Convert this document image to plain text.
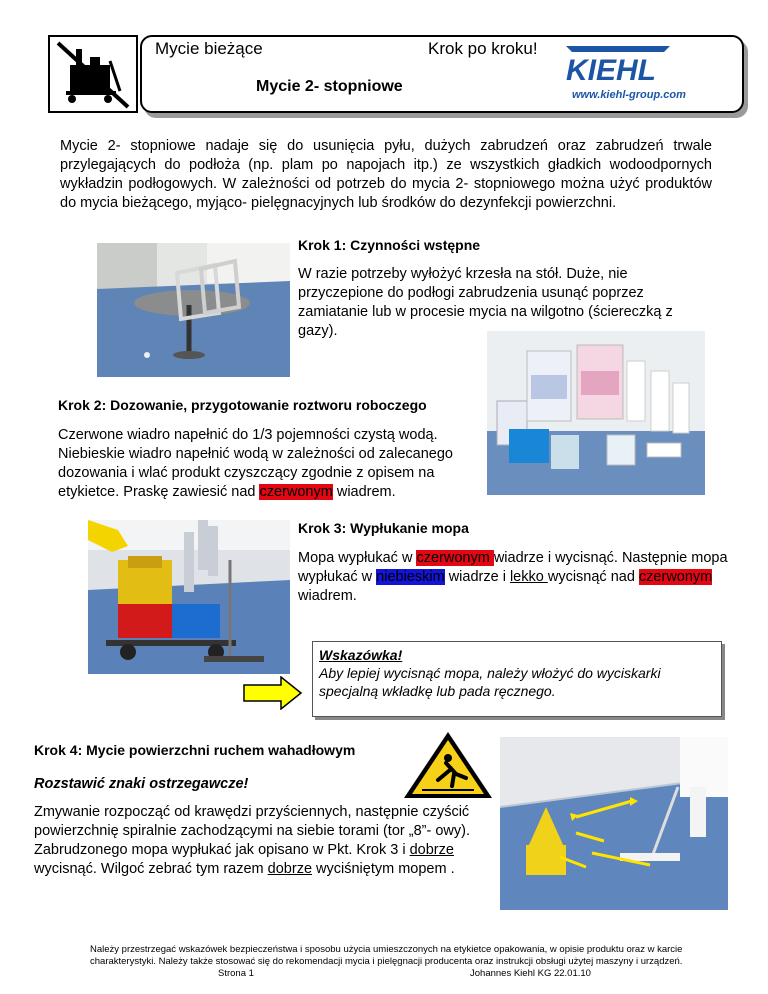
Mycie bieżące	Krok po kroku!
Mycie 2- stopniowe	KIEHL
www.kiehl-group.com
Mycie 2- stopniowe nadaje się do usunięcia pyłu, dużych zabrudzeń oraz zabrudzeń trwale przylegających do podłoża (np. plam po napojach itp.) ze wszystkich gładkich wodoodpornych wykładzin podłogowych. W zależności od potrzeb do mycia 2- stopniowego można użyć produktów do mycia bieżącego, myjąco- pielęgnacyjnych lub środków do dezynfekcji powierzchni.
Krok 1: Czynności wstępne
W razie potrzeby wyłożyć krzesła na stół. Duże, nie przyczepione do podłogi zabrudzenia usunąć poprzez zamiatanie lub w procesie mycia na wilgotno (ściereczką z gazy).
Krok 2: Dozowanie, przygotowanie roztworu roboczego
Czerwone wiadro napełnić do 1/3 pojemności czystą wodą. Niebieskie wiadro napełnić wodą w zależności od zalecanego dozowania i wlać produkt czyszczący zgodnie z opisem na etykietce. Praskę zawiesić nad czerwonym wiadrem.
Krok 3: Wypłukanie mopa
Mopa wypłukać w czerwonym wiadrze i wycisnąć. Następnie mopa wypłukać w niebieskim wiadrze i lekko wycisnąć nad czerwonym wiadrem.
Wskazówka!
Aby lepiej wycisnąć mopa, należy włożyć do wyciskarki specjalną wkładkę lub pada ręcznego.
Krok 4: Mycie powierzchni ruchem wahadłowym
Rozstawić znaki ostrzegawcze!
Zmywanie rozpocząć od krawędzi przyściennych, następnie czyścić powierzchnię spiralnie zachodzącymi na siebie torami (tor „8”- owy). Zabrudzonego mopa wypłukać jak opisano w Pkt. Krok 3 i dobrze wycisnąć. Wilgoć zebrać tym razem dobrze wyciśniętym mopem .
Należy przestrzegać wskazówek bezpieczeństwa i sposobu użycia umieszczonych na etykietce opakowania, w opisie produktu oraz w karcie charakterystyki. Należy także stosować się do rekomendacji mycia i pielęgnacji producenta oraz instrukcji obsługi użytej maszyny i urządzeń.
Strona 1	Johannes Kiehl KG 22.01.10
